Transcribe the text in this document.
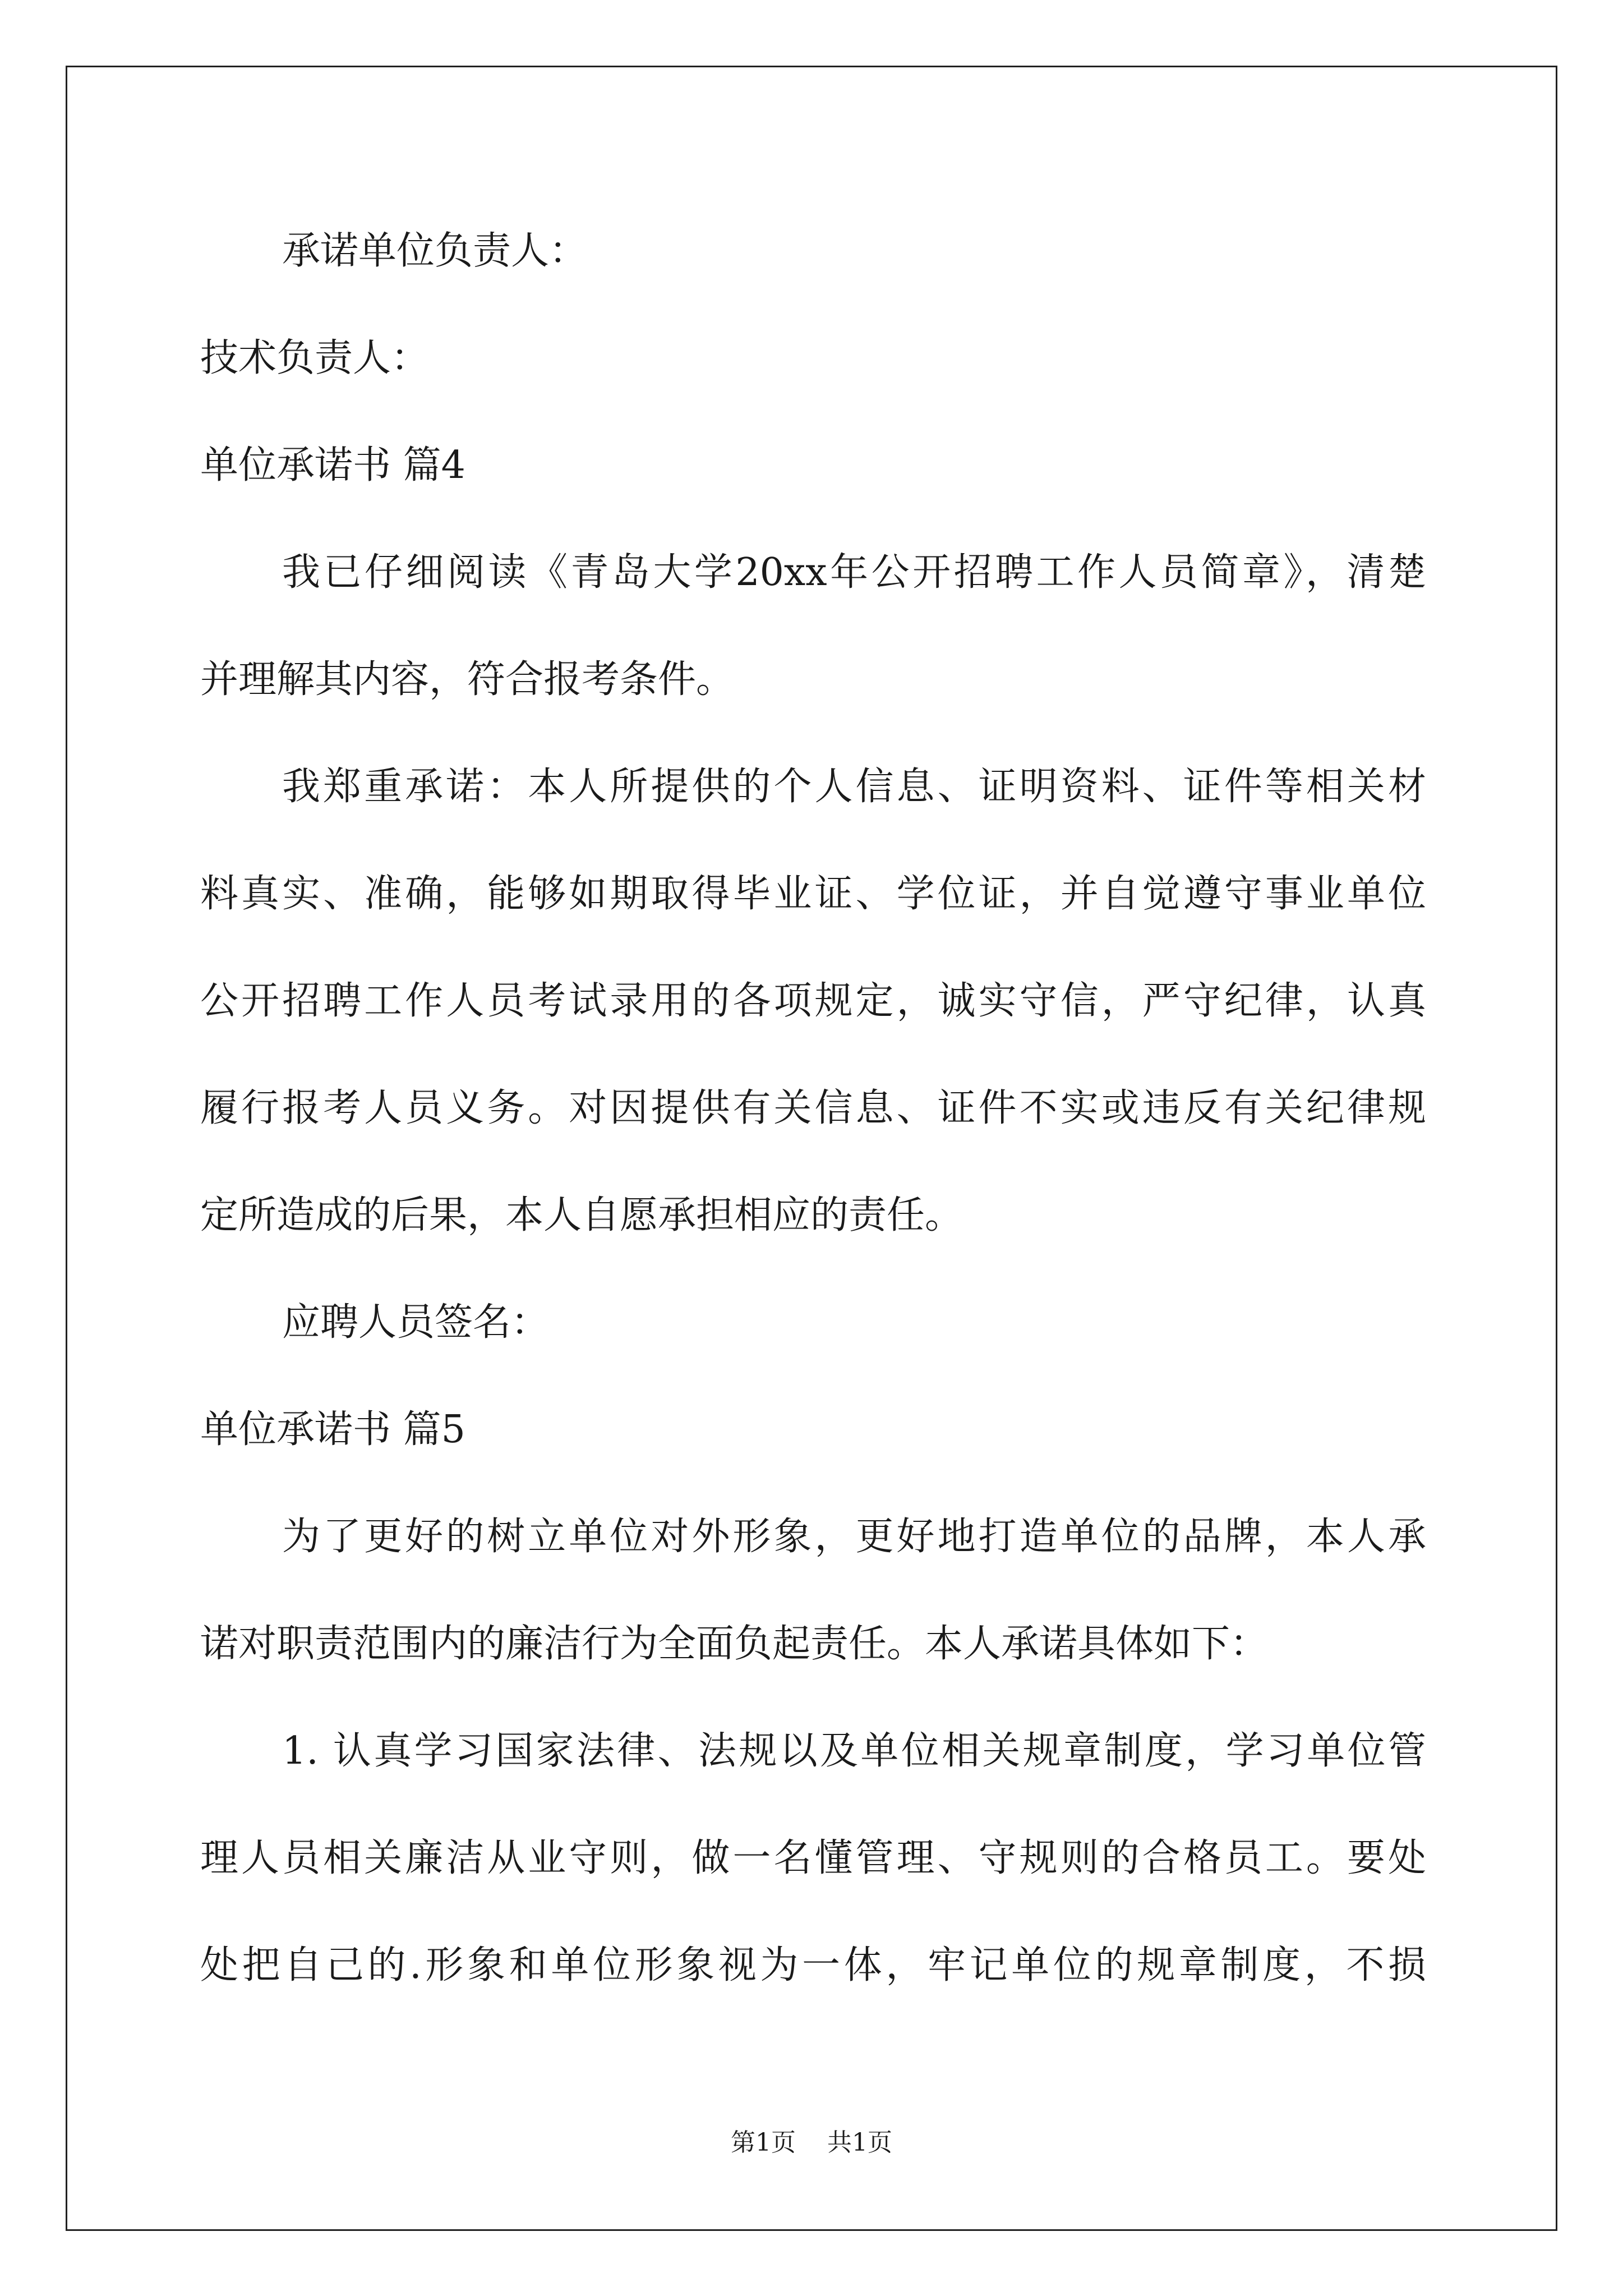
承诺单位负责人：
技术负责人：
单位承诺书 篇4
我已仔细阅读《青岛大学20xx年公开招聘工作人员简章》，清楚
并理解其内容，符合报考条件。
我郑重承诺：本人所提供的个人信息、证明资料、证件等相关材
料真实、准确，能够如期取得毕业证、学位证，并自觉遵守事业单位
公开招聘工作人员考试录用的各项规定，诚实守信，严守纪律，认真
履行报考人员义务。对因提供有关信息、证件不实或违反有关纪律规
定所造成的后果，本人自愿承担相应的责任。
应聘人员签名：
单位承诺书 篇5
为了更好的树立单位对外形象，更好地打造单位的品牌，本人承
诺对职责范围内的廉洁行为全面负起责任。本人承诺具体如下：
1. 认真学习国家法律、法规以及单位相关规章制度，学习单位管
理人员相关廉洁从业守则，做一名懂管理、守规则的合格员工。要处
处把自己的.形象和单位形象视为一体，牢记单位的规章制度，不损
第1页 共1页
